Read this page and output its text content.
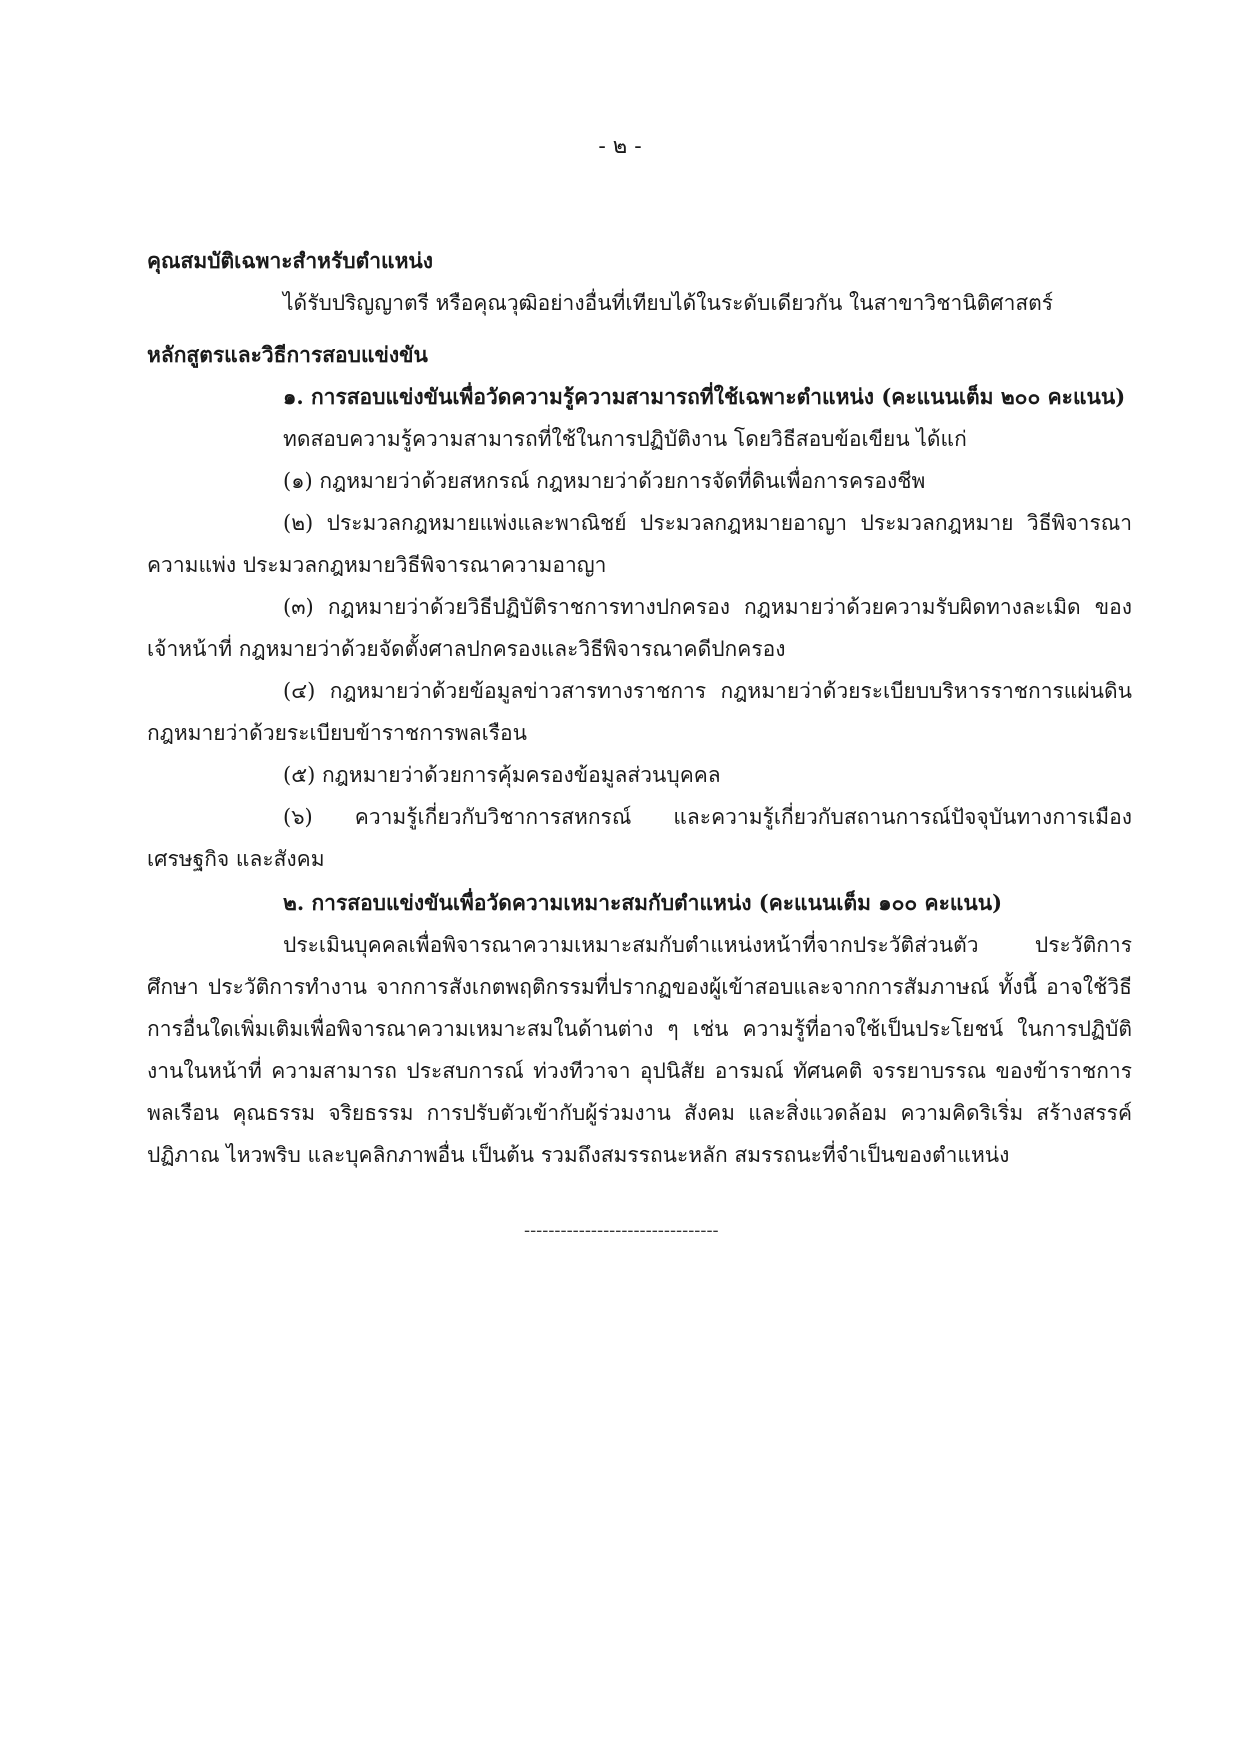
- ๒ -

คุณสมบัติเฉพาะสำหรับตำแหน่ง

ได้รับปริญญาตรี หรือคุณวุฒิอย่างอื่นที่เทียบได้ในระดับเดียวกัน ในสาขาวิชานิติศาสตร์

หลักสูตรและวิธีการสอบแข่งขัน

๑. การสอบแข่งขันเพื่อวัดความรู้ความสามารถที่ใช้เฉพาะตำแหน่ง (คะแนนเต็ม ๒๐๐ คะแนน)

ทดสอบความรู้ความสามารถที่ใช้ในการปฏิบัติงาน โดยวิธีสอบข้อเขียน ได้แก่

(๑) กฎหมายว่าด้วยสหกรณ์ กฎหมายว่าด้วยการจัดที่ดินเพื่อการครองชีพ

(๒) ประมวลกฎหมายแพ่งและพาณิชย์ ประมวลกฎหมายอาญา ประมวลกฎหมาย วิธีพิจารณาความแพ่ง ประมวลกฎหมายวิธีพิจารณาความอาญา

(๓) กฎหมายว่าด้วยวิธีปฏิบัติราชการทางปกครอง กฎหมายว่าด้วยความรับผิดทางละเมิด ของเจ้าหน้าที่ กฎหมายว่าด้วยจัดตั้งศาลปกครองและวิธีพิจารณาคดีปกครอง

(๔) กฎหมายว่าด้วยข้อมูลข่าวสารทางราชการ กฎหมายว่าด้วยระเบียบบริหารราชการแผ่นดิน กฎหมายว่าด้วยระเบียบข้าราชการพลเรือน

(๕) กฎหมายว่าด้วยการคุ้มครองข้อมูลส่วนบุคคล

(๖) ความรู้เกี่ยวกับวิชาการสหกรณ์ และความรู้เกี่ยวกับสถานการณ์ปัจจุบันทางการเมือง เศรษฐกิจ และสังคม

๒. การสอบแข่งขันเพื่อวัดความเหมาะสมกับตำแหน่ง (คะแนนเต็ม ๑๐๐ คะแนน)

ประเมินบุคคลเพื่อพิจารณาความเหมาะสมกับตำแหน่งหน้าที่จากประวัติส่วนตัว ประวัติการศึกษา ประวัติการทำงาน จากการสังเกตพฤติกรรมที่ปรากฏของผู้เข้าสอบและจากการสัมภาษณ์ ทั้งนี้ อาจใช้วิธีการอื่นใดเพิ่มเติมเพื่อพิจารณาความเหมาะสมในด้านต่าง ๆ เช่น ความรู้ที่อาจใช้เป็นประโยชน์ ในการปฏิบัติงานในหน้าที่ ความสามารถ ประสบการณ์ ท่วงทีวาจา อุปนิสัย อารมณ์ ทัศนคติ จรรยาบรรณ ของข้าราชการพลเรือน คุณธรรม จริยธรรม การปรับตัวเข้ากับผู้ร่วมงาน สังคม และสิ่งแวดล้อม ความคิดริเริ่ม สร้างสรรค์ ปฏิภาณ ไหวพริบ และบุคลิกภาพอื่น เป็นต้น รวมถึงสมรรถนะหลัก สมรรถนะที่จำเป็นของตำแหน่ง

--------------------------------
